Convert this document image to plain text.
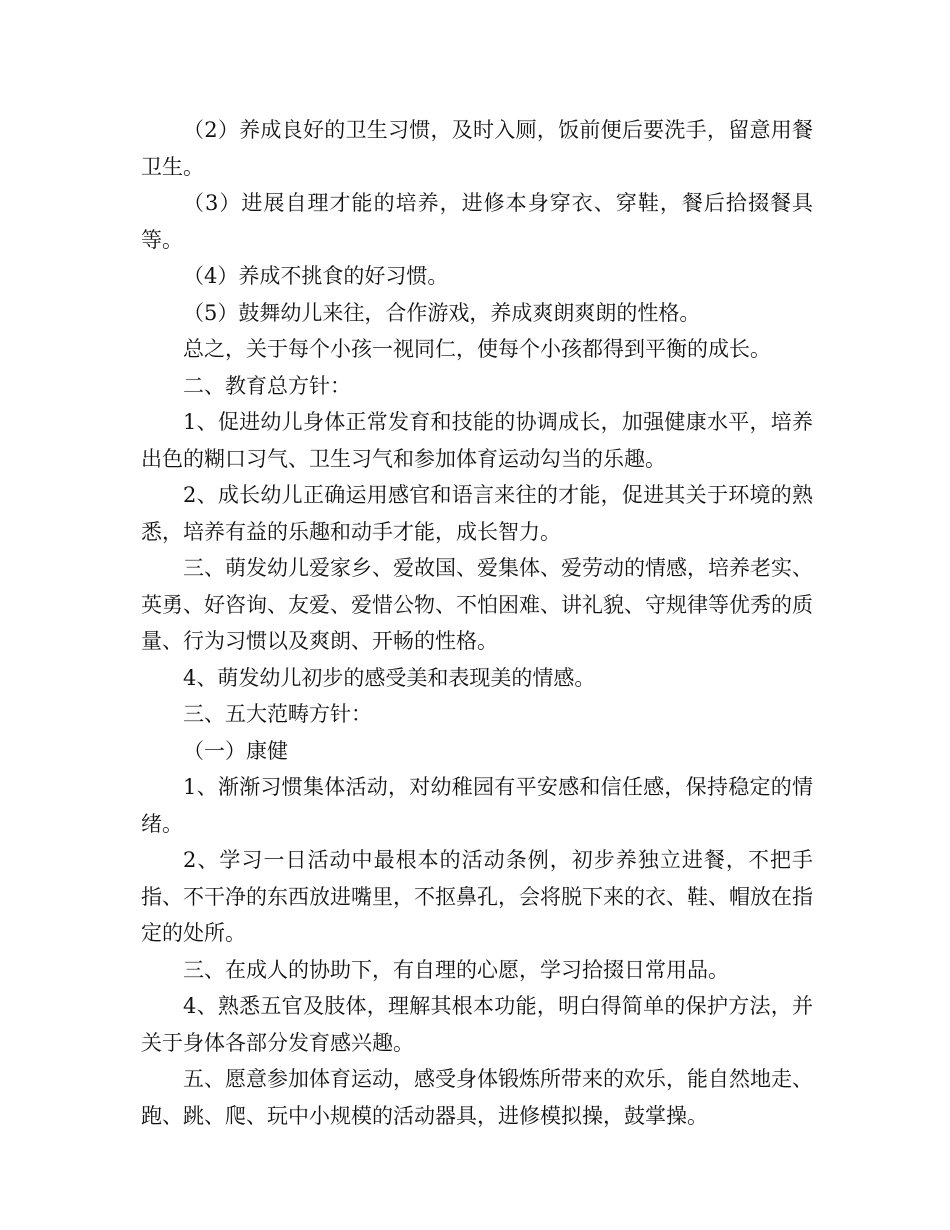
（2）养成良好的卫生习惯，及时入厕，饭前便后要洗手，留意用餐卫生。

（3）进展自理才能的培养，进修本身穿衣、穿鞋，餐后拾掇餐具等。

（4）养成不挑食的好习惯。

（5）鼓舞幼儿来往，合作游戏，养成爽朗爽朗的性格。

总之，关于每个小孩一视同仁，使每个小孩都得到平衡的成长。

二、教育总方针：

1、促进幼儿身体正常发育和技能的协调成长，加强健康水平，培养出色的糊口习气、卫生习气和参加体育运动勾当的乐趣。

2、成长幼儿正确运用感官和语言来往的才能，促进其关于环境的熟悉，培养有益的乐趣和动手才能，成长智力。

三、萌发幼儿爱家乡、爱故国、爱集体、爱劳动的情感，培养老实、英勇、好咨询、友爱、爱惜公物、不怕困难、讲礼貌、守规律等优秀的质量、行为习惯以及爽朗、开畅的性格。

4、萌发幼儿初步的感受美和表现美的情感。

三、五大范畴方针：

（一）康健

1、渐渐习惯集体活动，对幼稚园有平安感和信任感，保持稳定的情绪。

2、学习一日活动中最根本的活动条例，初步养独立进餐，不把手指、不干净的东西放进嘴里，不抠鼻孔，会将脱下来的衣、鞋、帽放在指定的处所。

三、在成人的协助下，有自理的心愿，学习拾掇日常用品。

4、熟悉五官及肢体，理解其根本功能，明白得简单的保护方法，并关于身体各部分发育感兴趣。

五、愿意参加体育运动，感受身体锻炼所带来的欢乐，能自然地走、跑、跳、爬、玩中小规模的活动器具，进修模拟操，鼓掌操。
